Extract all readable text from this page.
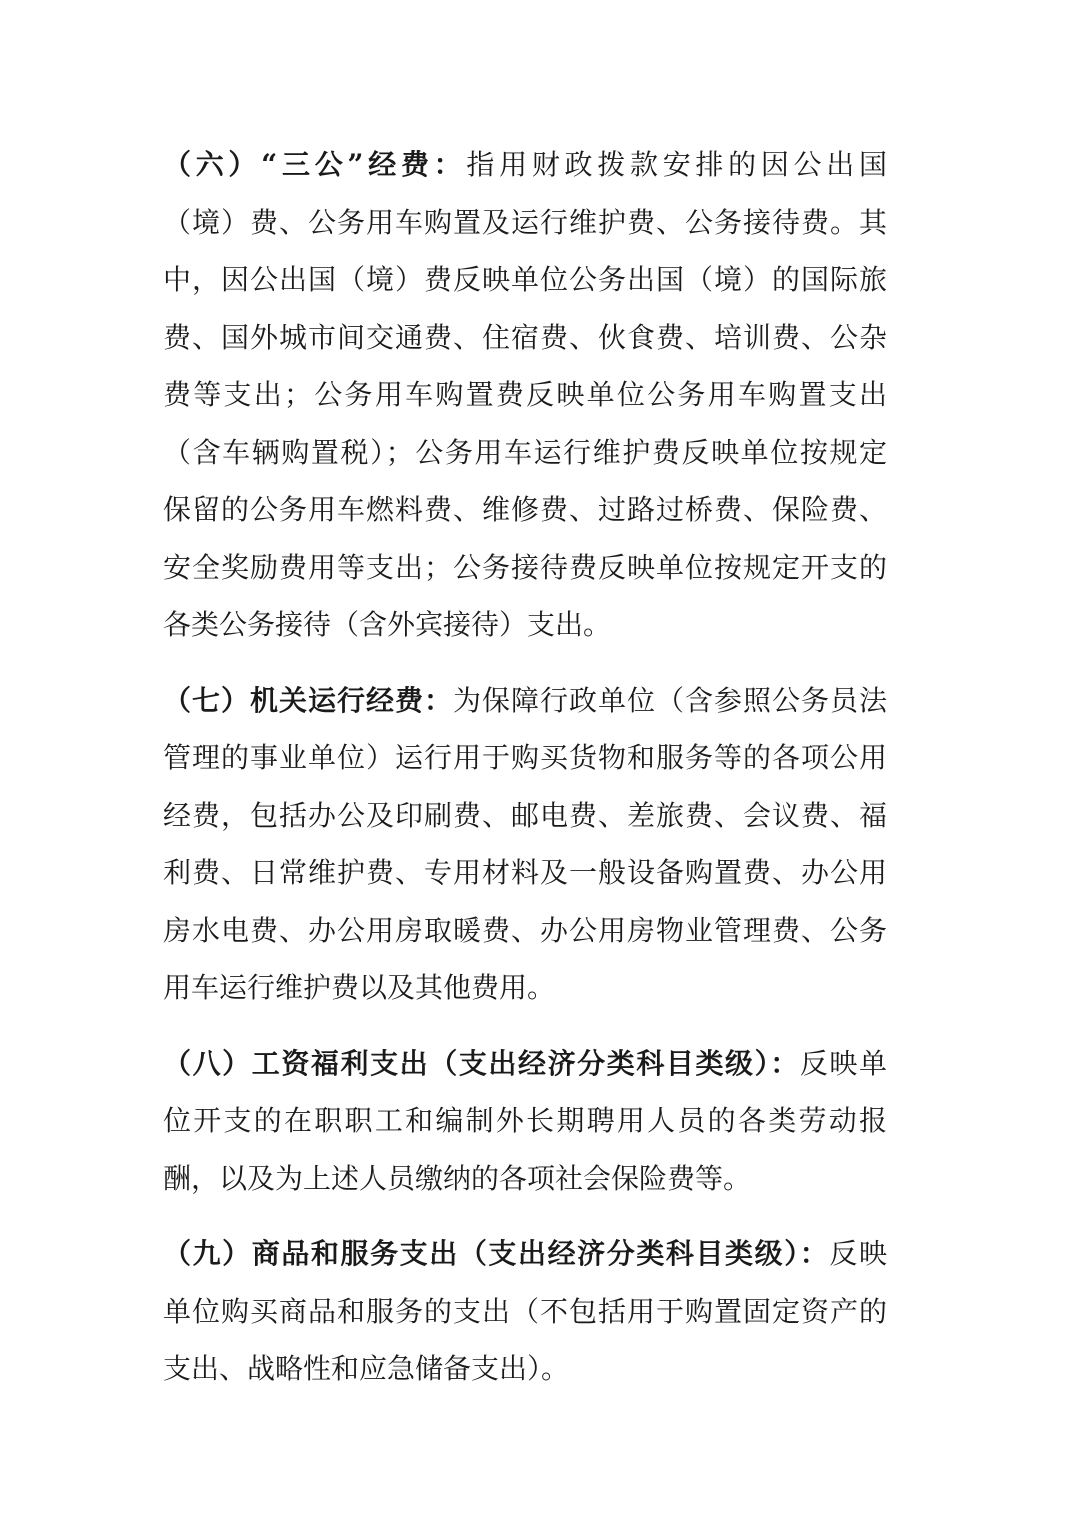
（六）“三公”经费：指用财政拨款安排的因公出国
（境）费、公务用车购置及运行维护费、公务接待费。其
中，因公出国（境）费反映单位公务出国（境）的国际旅
费、国外城市间交通费、住宿费、伙食费、培训费、公杂
费等支出；公务用车购置费反映单位公务用车购置支出
（含车辆购置税）；公务用车运行维护费反映单位按规定
保留的公务用车燃料费、维修费、过路过桥费、保险费、
安全奖励费用等支出；公务接待费反映单位按规定开支的
各类公务接待（含外宾接待）支出。
（七）机关运行经费：为保障行政单位（含参照公务员法
管理的事业单位）运行用于购买货物和服务等的各项公用
经费，包括办公及印刷费、邮电费、差旅费、会议费、福
利费、日常维护费、专用材料及一般设备购置费、办公用
房水电费、办公用房取暖费、办公用房物业管理费、公务
用车运行维护费以及其他费用。
（八）工资福利支出（支出经济分类科目类级）：反映单
位开支的在职职工和编制外长期聘用人员的各类劳动报
酬，以及为上述人员缴纳的各项社会保险费等。
（九）商品和服务支出（支出经济分类科目类级）：反映
单位购买商品和服务的支出（不包括用于购置固定资产的
支出、战略性和应急储备支出）。
